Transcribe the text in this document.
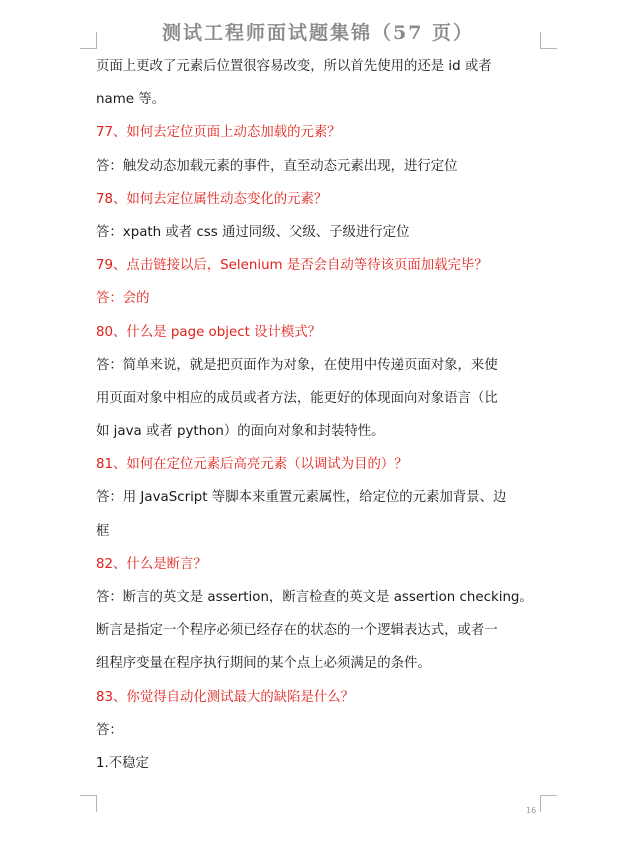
测试工程师面试题集锦（57 页）
页面上更改了元素后位置很容易改变，所以首先使用的还是 id 或者
name 等。
77、如何去定位页面上动态加载的元素？
答：触发动态加载元素的事件，直至动态元素出现，进行定位
78、如何去定位属性动态变化的元素？
答：xpath 或者 css 通过同级、父级、子级进行定位
79、点击链接以后，Selenium 是否会自动等待该页面加载完毕？
答：会的
80、什么是 page object 设计模式？
答：简单来说，就是把页面作为对象，在使用中传递页面对象，来使
用页面对象中相应的成员或者方法，能更好的体现面向对象语言（比
如 java 或者 python）的面向对象和封装特性。
81、如何在定位元素后高亮元素（以调试为目的）？
答：用 JavaScript 等脚本来重置元素属性，给定位的元素加背景、边
框
82、什么是断言？
答：断言的英文是 assertion，断言检查的英文是 assertion checking。
断言是指定一个程序必须已经存在的状态的一个逻辑表达式，或者一
组程序变量在程序执行期间的某个点上必须满足的条件。
83、你觉得自动化测试最大的缺陷是什么？
答：
1.不稳定
16
